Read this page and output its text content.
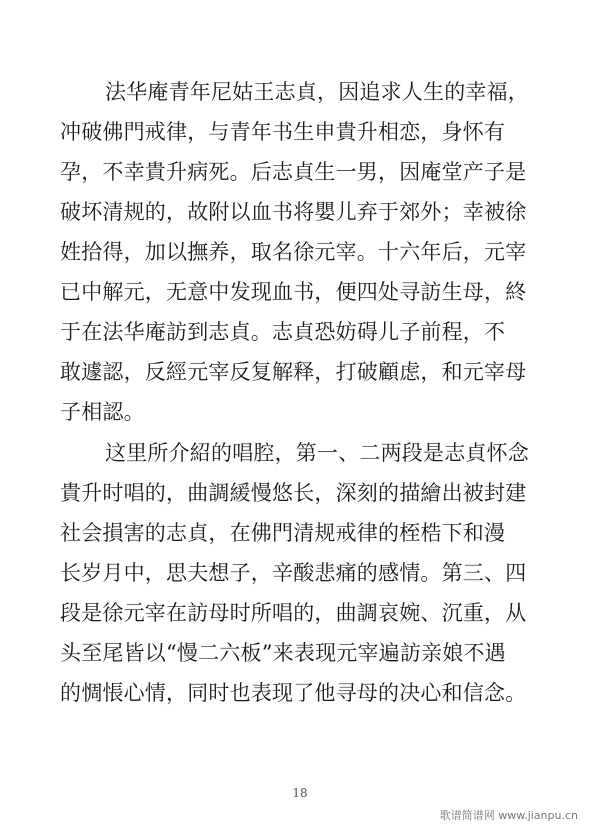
法华庵青年尼姑王志貞，因追求人生的幸福，
冲破佛門戒律，与青年书生申貴升相恋，身怀有
孕，不幸貴升病死。后志貞生一男，因庵堂产子是
破坏清规的，故附以血书将嬰儿弃于郊外；幸被徐
姓拾得，加以撫养，取名徐元宰。十六年后，元宰
已中解元，无意中发现血书，便四处寻訪生母，終
于在法华庵訪到志貞。志貞恐妨碍儿子前程，不
敢遽認，反經元宰反复解释，打破顧虑，和元宰母
子相認。
这里所介紹的唱腔，第一、二两段是志貞怀念
貴升时唱的，曲調緩慢悠长，深刻的描繪出被封建
社会損害的志貞，在佛門清规戒律的桎梏下和漫
长岁月中，思夫想子，辛酸悲痛的感情。第三、四
段是徐元宰在訪母时所唱的，曲調哀婉、沉重，从
头至尾皆以“慢二六板”来表现元宰遍訪亲娘不遇
的惆悵心情，同时也表现了他寻母的决心和信念。
18
歌谱简谱网 www.jianpu.cn
